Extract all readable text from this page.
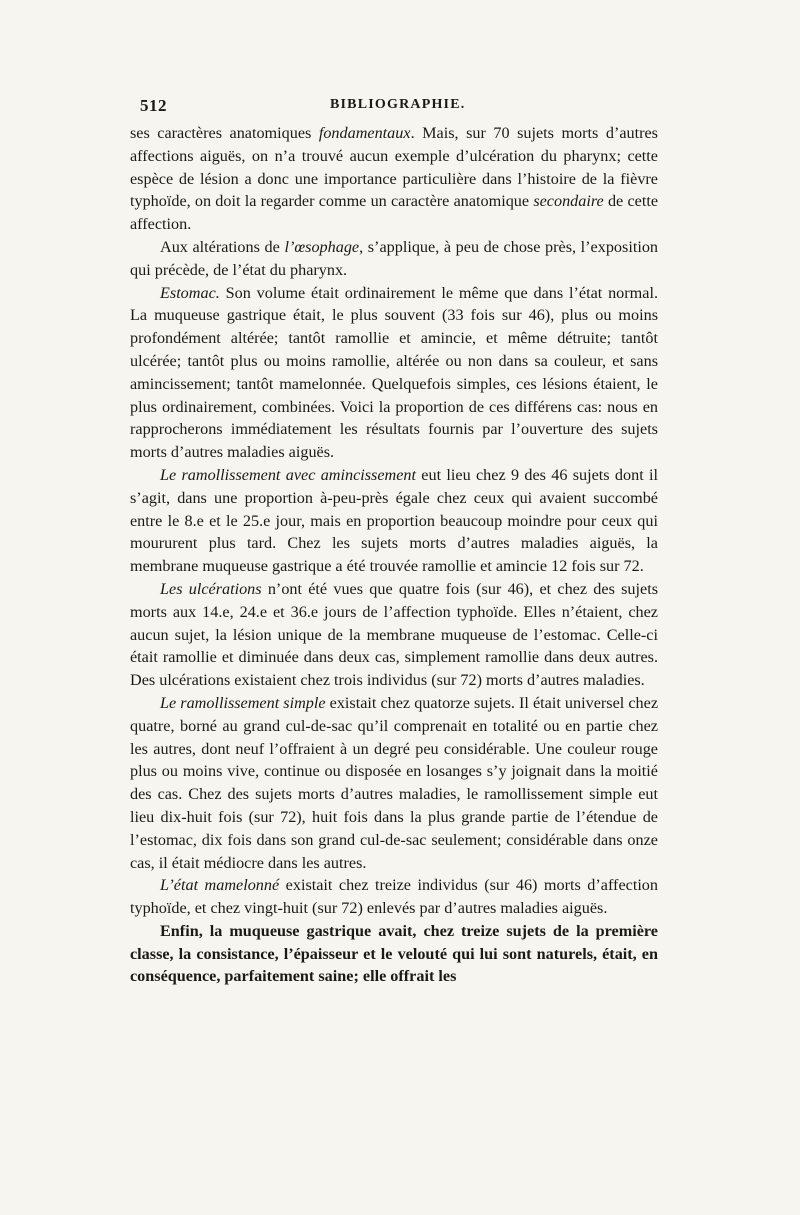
512	BIBLIOGRAPHIE.

ses caractères anatomiques fondamentaux. Mais, sur 70 sujets morts d’autres affections aiguës, on n’a trouvé aucun exemple d’ulcération du pharynx; cette espèce de lésion a donc une importance particulière dans l’histoire de la fièvre typhoïde, on doit la regarder comme un caractère anatomique secondaire de cette affection.

Aux altérations de l’œsophage, s’applique, à peu de chose près, l’exposition qui précède, de l’état du pharynx.

Estomac. Son volume était ordinairement le même que dans l’état normal. La muqueuse gastrique était, le plus souvent (33 fois sur 46), plus ou moins profondément altérée; tantôt ramollie et amincie, et même détruite; tantôt ulcérée; tantôt plus ou moins ramollie, altérée ou non dans sa couleur, et sans amincissement; tantôt mamelonnée. Quelquefois simples, ces lésions étaient, le plus ordinairement, combinées. Voici la proportion de ces différens cas: nous en rapprocherons immédiatement les résultats fournis par l’ouverture des sujets morts d’autres maladies aiguës.

Le ramollissement avec amincissement eut lieu chez 9 des 46 sujets dont il s’agit, dans une proportion à-peu-près égale chez ceux qui avaient succombé entre le 8.e et le 25.e jour, mais en proportion beaucoup moindre pour ceux qui moururent plus tard. Chez les sujets morts d’autres maladies aiguës, la membrane muqueuse gastrique a été trouvée ramollie et amincie 12 fois sur 72.

Les ulcérations n’ont été vues que quatre fois (sur 46), et chez des sujets morts aux 14.e, 24.e et 36.e jours de l’affection typhoïde. Elles n’étaient, chez aucun sujet, la lésion unique de la membrane muqueuse de l’estomac. Celle-ci était ramollie et diminuée dans deux cas, simplement ramollie dans deux autres. Des ulcérations existaient chez trois individus (sur 72) morts d’autres maladies.

Le ramollissement simple existait chez quatorze sujets. Il était universel chez quatre, borné au grand cul-de-sac qu’il comprenait en totalité ou en partie chez les autres, dont neuf l’offraient à un degré peu considérable. Une couleur rouge plus ou moins vive, continue ou disposée en losanges s’y joignait dans la moitié des cas. Chez des sujets morts d’autres maladies, le ramollissement simple eut lieu dix-huit fois (sur 72), huit fois dans la plus grande partie de l’étendue de l’estomac, dix fois dans son grand cul-de-sac seulement; considérable dans onze cas, il était médiocre dans les autres.

L’état mamelonné existait chez treize individus (sur 46) morts d’affection typhoïde, et chez vingt-huit (sur 72) enlevés par d’autres maladies aiguës.

Enfin, la muqueuse gastrique avait, chez treize sujets de la première classe, la consistance, l’épaisseur et le velouté qui lui sont naturels, était, en conséquence, parfaitement saine; elle offrait les
